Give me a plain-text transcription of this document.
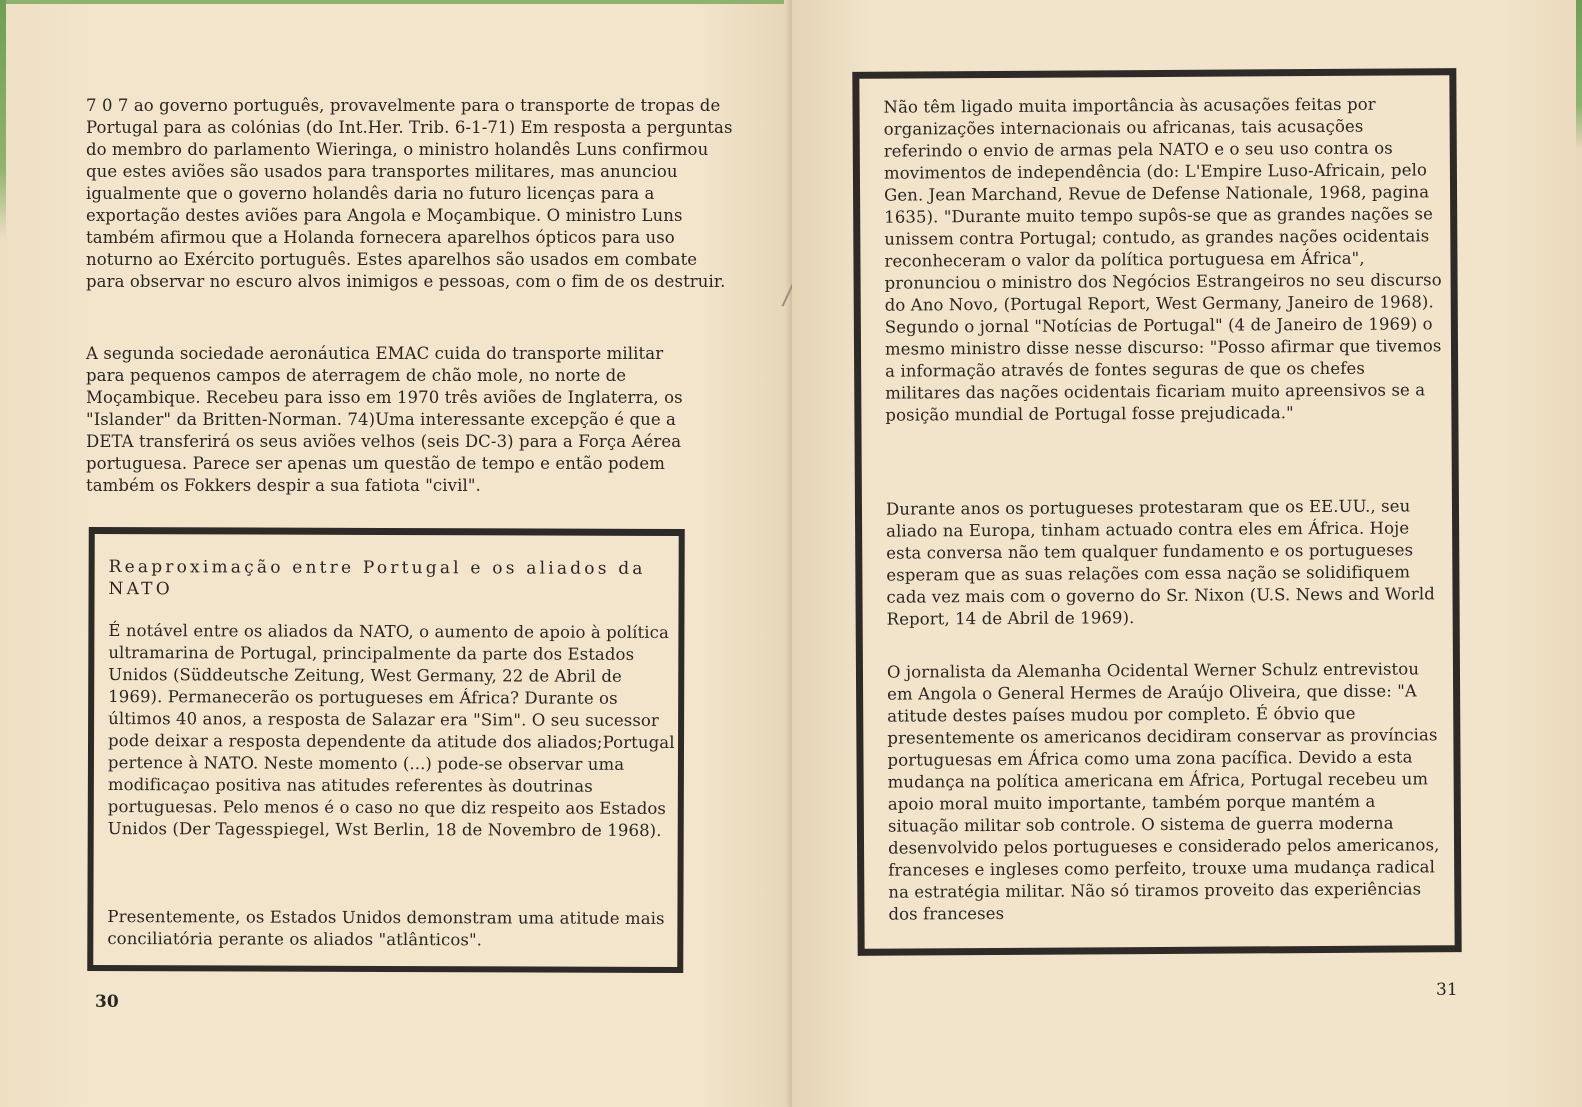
7 0 7 ao governo português, provavelmente para o transporte de tropas de Portugal para as colónias (do Int.Her. Trib. 6-1-71) Em resposta a perguntas do membro do parlamento Wieringa, o ministro holandês Luns confirmou que estes aviões são usados para transportes militares, mas anunciou igualmente que o governo holandês daria no futuro licenças para a exportação destes aviões para Angola e Moçambique. O ministro Luns também afirmou que a Holanda fornecera aparelhos ópticos para uso noturno ao Exército português. Estes aparelhos são usados em combate para observar no escuro alvos inimigos e pessoas, com o fim de os destruir.
A segunda sociedade aeronáutica EMAC cuida do transporte militar para pequenos campos de aterragem de chão mole, no norte de Moçambique. Recebeu para isso em 1970 três aviões de Inglaterra, os "Islander" da Britten-Norman. 74)Uma interessante excepção é que a DETA transferirá os seus aviões velhos (seis DC-3) para a Força Aérea portuguesa. Parece ser apenas um questão de tempo e então podem também os Fokkers despir a sua fatiota "civil".
Reaproximação entre Portugal e os aliados da NATO
É notável entre os aliados da NATO, o aumento de apoio à política ultramarina de Portugal, principalmente da parte dos Estados Unidos (Süddeutsche Zeitung, West Germany, 22 de Abril de 1969). Permanecerão os portugueses em África? Durante os últimos 40 anos, a resposta de Salazar era "Sim". O seu sucessor pode deixar a resposta dependente da atitude dos aliados;Portugal pertence à NATO. Neste momento (...) pode-se observar uma modificaçao positiva nas atitudes referentes às doutrinas portuguesas. Pelo menos é o caso no que diz respeito aos Estados Unidos (Der Tagesspiegel, Wst Berlin, 18 de Novembro de 1968).
Presentemente, os Estados Unidos demonstram uma atitude mais conciliatória perante os aliados "atlânticos".
30
Não têm ligado muita importância às acusações feitas por organizações internacionais ou africanas, tais acusações referindo o envio de armas pela NATO e o seu uso contra os movimentos de independência (do: L'Empire Luso-Africain, pelo Gen. Jean Marchand, Revue de Defense Nationale, 1968, pagina 1635). "Durante muito tempo supôs-se que as grandes nações se unissem contra Portugal; contudo, as grandes nações ocidentais reconheceram o valor da política portuguesa em África", pronunciou o ministro dos Negócios Estrangeiros no seu discurso do Ano Novo, (Portugal Report, West Germany, Janeiro de 1968). Segundo o jornal "Notícias de Portugal" (4 de Janeiro de 1969) o mesmo ministro disse nesse discurso: "Posso afirmar que tivemos a informação através de fontes seguras de que os chefes militares das nações ocidentais ficariam muito apreensivos se a posição mundial de Portugal fosse prejudicada."
Durante anos os portugueses protestaram que os EE.UU., seu aliado na Europa, tinham actuado contra eles em África. Hoje esta conversa não tem qualquer fundamento e os portugueses esperam que as suas relações com essa nação se solidifiquem cada vez mais com o governo do Sr. Nixon (U.S. News and World Report, 14 de Abril de 1969).
O jornalista da Alemanha Ocidental Werner Schulz entrevistou em Angola o General Hermes de Araújo Oliveira, que disse: "A atitude destes países mudou por completo. É óbvio que presentemente os americanos decidiram conservar as províncias portuguesas em África como uma zona pacífica. Devido a esta mudança na política americana em África, Portugal recebeu um apoio moral muito importante, também porque mantém a situação militar sob controle. O sistema de guerra moderna desenvolvido pelos portugueses e considerado pelos americanos, franceses e ingleses como perfeito, trouxe uma mudança radical na estratégia militar. Não só tiramos proveito das experiências dos franceses
31
